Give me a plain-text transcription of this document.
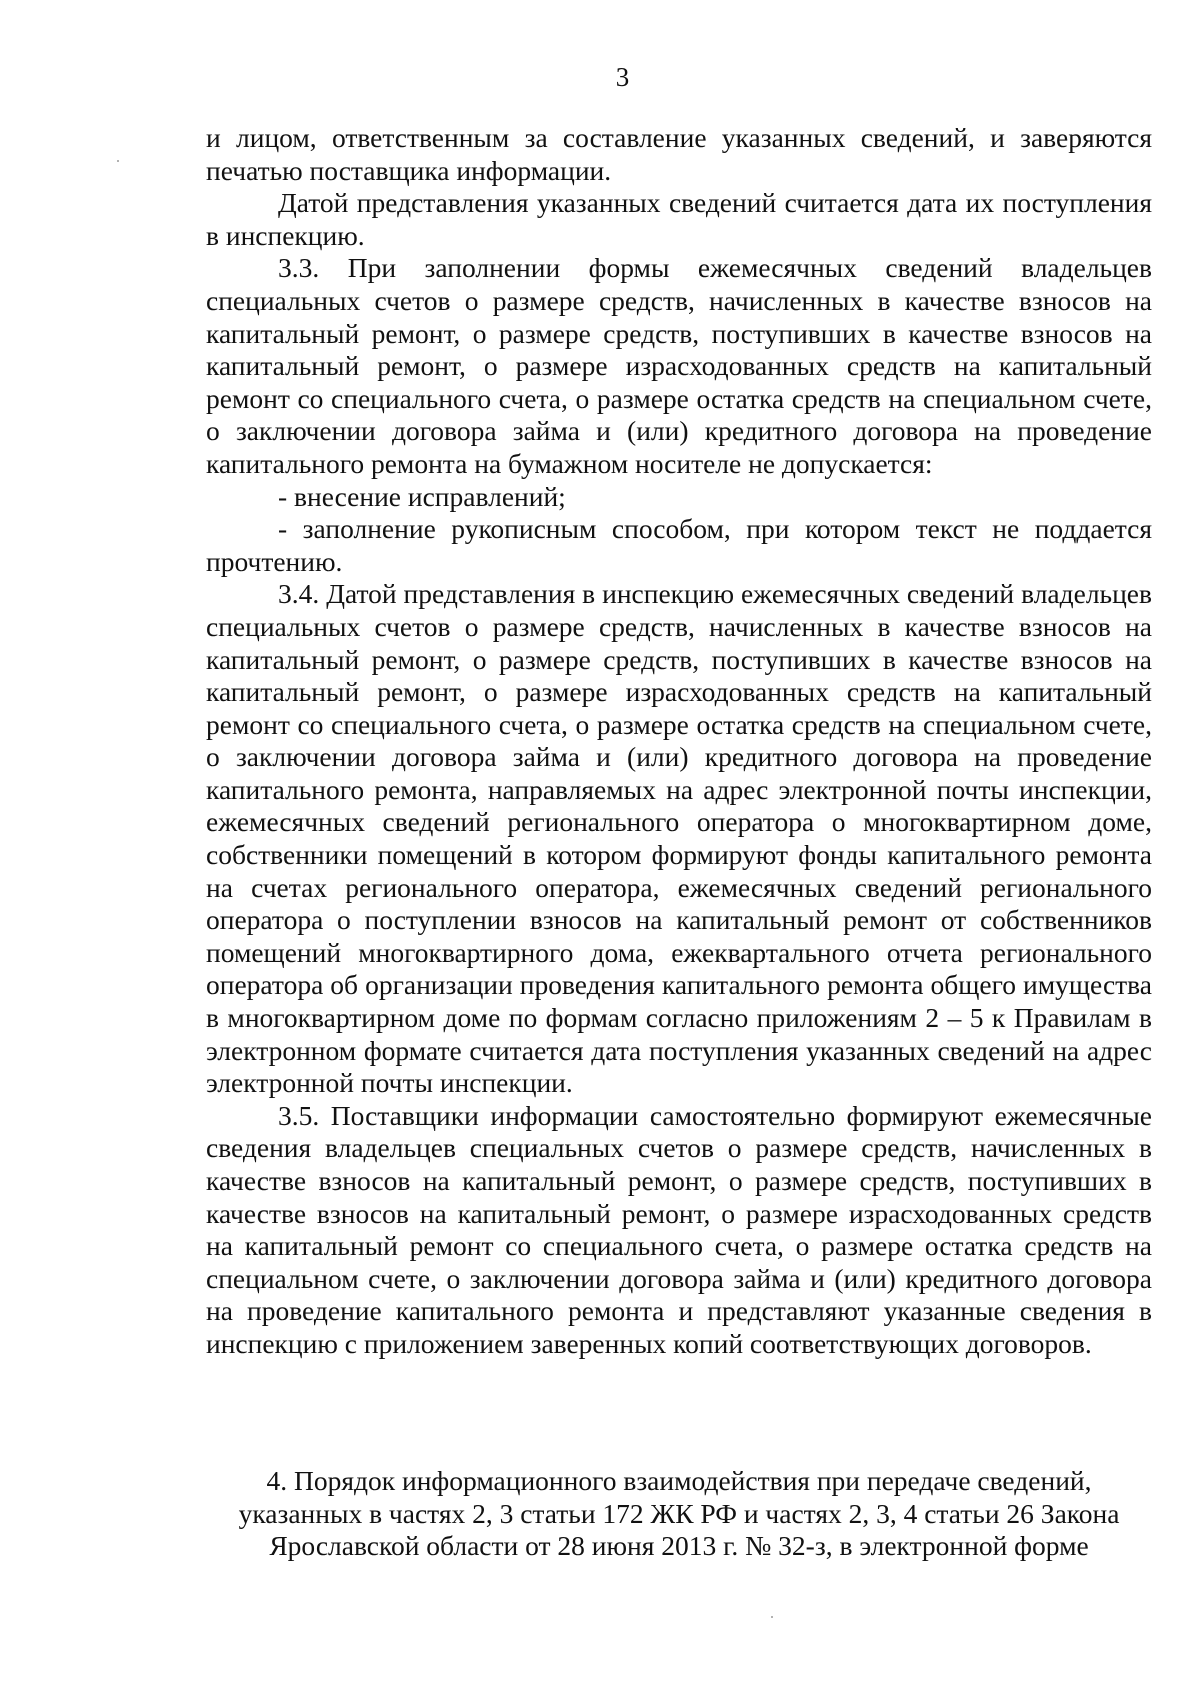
3

и лицом, ответственным за составление указанных сведений, и заверяются печатью поставщика информации.

Датой представления указанных сведений считается дата их поступления в инспекцию.

3.3. При заполнении формы ежемесячных сведений владельцев специальных счетов о размере средств, начисленных в качестве взносов на капитальный ремонт, о размере средств, поступивших в качестве взносов на капитальный ремонт, о размере израсходованных средств на капитальный ремонт со специального счета, о размере остатка средств на специальном счете, о заключении договора займа и (или) кредитного договора на проведение капитального ремонта на бумажном носителе не допускается:

- внесение исправлений;

- заполнение рукописным способом, при котором текст не поддается прочтению.

3.4. Датой представления в инспекцию ежемесячных сведений владельцев специальных счетов о размере средств, начисленных в качестве взносов на капитальный ремонт, о размере средств, поступивших в качестве взносов на капитальный ремонт, о размере израсходованных средств на капитальный ремонт со специального счета, о размере остатка средств на специальном счете, о заключении договора займа и (или) кредитного договора на проведение капитального ремонта, направляемых на адрес электронной почты инспекции, ежемесячных сведений регионального оператора о многоквартирном доме, собственники помещений в котором формируют фонды капитального ремонта на счетах регионального оператора, ежемесячных сведений регионального оператора о поступлении взносов на капитальный ремонт от собственников помещений многоквартирного дома, ежеквартального отчета регионального оператора об организации проведения капитального ремонта общего имущества в многоквартирном доме по формам согласно приложениям 2 – 5 к Правилам в электронном формате считается дата поступления указанных сведений на адрес электронной почты инспекции.

3.5. Поставщики информации самостоятельно формируют ежемесячные сведения владельцев специальных счетов о размере средств, начисленных в качестве взносов на капитальный ремонт, о размере средств, поступивших в качестве взносов на капитальный ремонт, о размере израсходованных средств на капитальный ремонт со специального счета, о размере остатка средств на специальном счете, о заключении договора займа и (или) кредитного договора на проведение капитального ремонта и представляют указанные сведения в инспекцию с приложением заверенных копий соответствующих договоров.

4. Порядок информационного взаимодействия при передаче сведений,
указанных в частях 2, 3 статьи 172 ЖК РФ и частях 2, 3, 4 статьи 26 Закона
Ярославской области от 28 июня 2013 г. № 32-з, в электронной форме
